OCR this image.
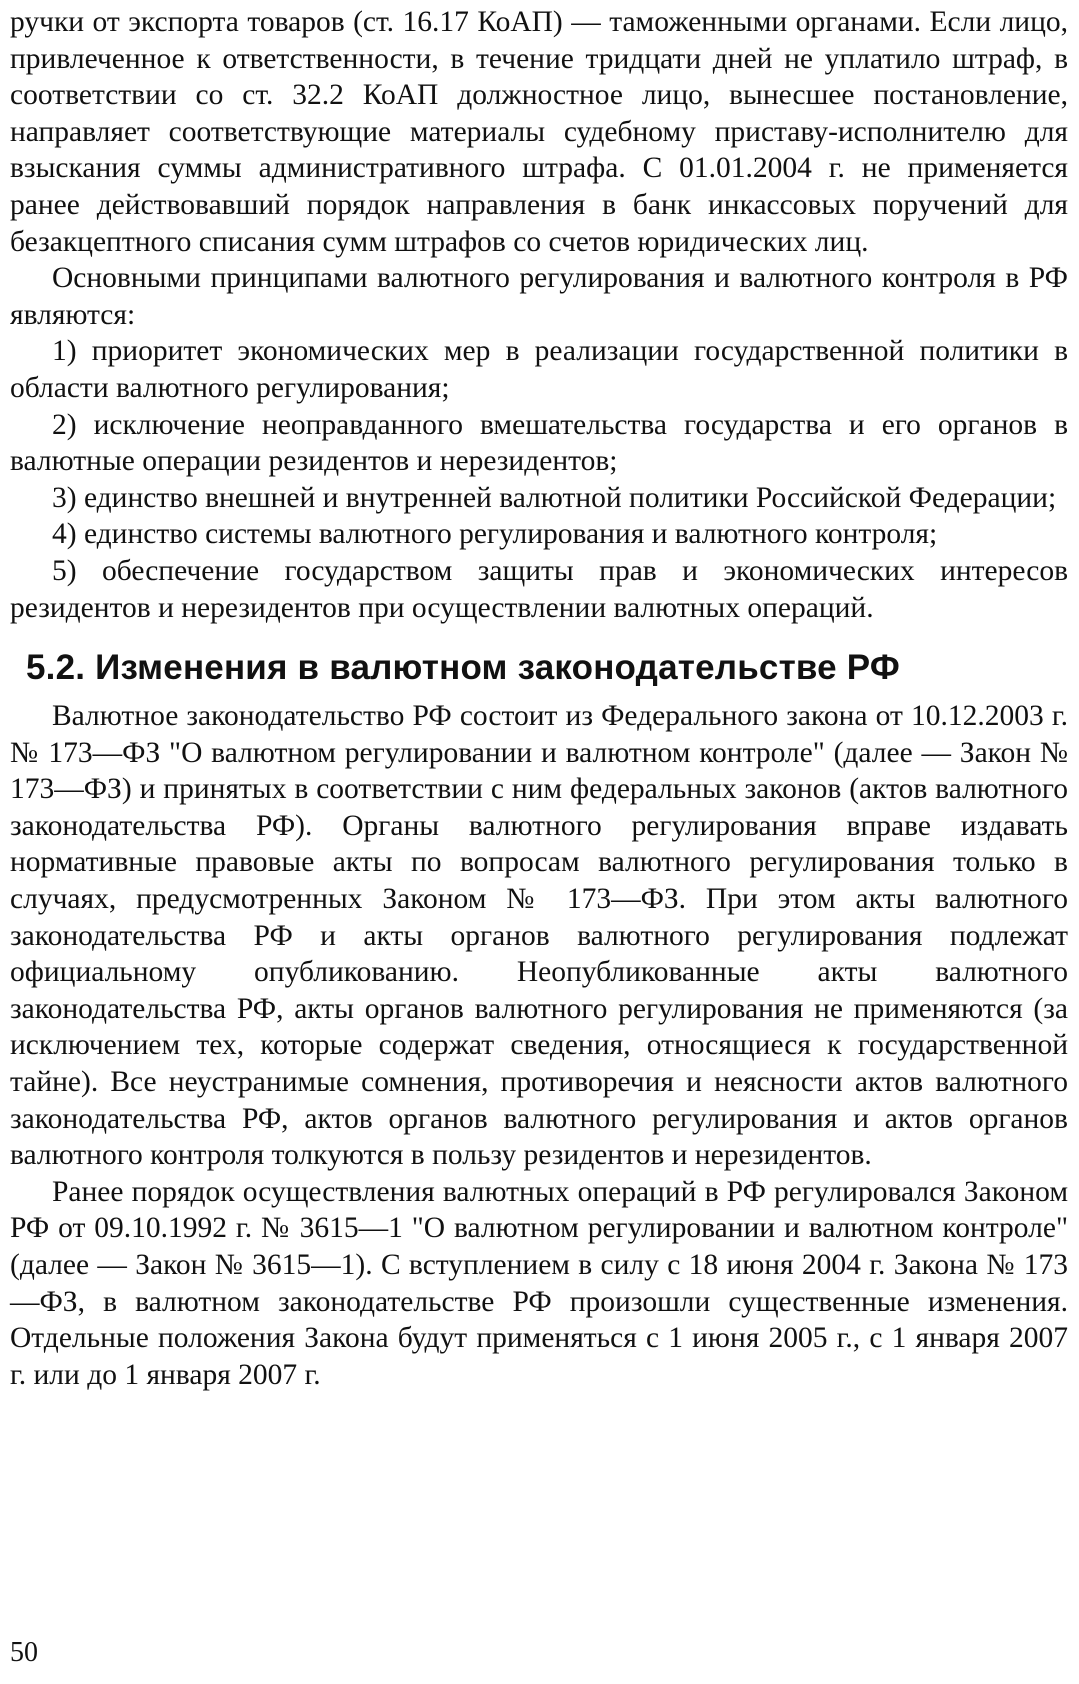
ручки от экспорта товаров (ст. 16.17 КоАП) — таможенными органами. Если лицо, привлеченное к ответственности, в течение тридцати дней не уплатило штраф, в соответствии со ст. 32.2 КоАП должностное лицо, вынесшее постановление, направляет соответствующие материалы судебному приставу-исполнителю для взыскания суммы административного штрафа. С 01.01.2004 г. не применяется ранее действовавший порядок направления в банк инкассовых поручений для безакцептного списания сумм штрафов со счетов юридических лиц.

Основными принципами валютного регулирования и валютного контроля в РФ являются:

1) приоритет экономических мер в реализации государственной политики в области валютного регулирования;

2) исключение неоправданного вмешательства государства и его органов в валютные операции резидентов и нерезидентов;

3) единство внешней и внутренней валютной политики Российской Федерации;

4) единство системы валютного регулирования и валютного контроля;

5) обеспечение государством защиты прав и экономических интересов резидентов и нерезидентов при осуществлении валютных операций.

5.2. Изменения в валютном законодательстве РФ

Валютное законодательство РФ состоит из Федерального закона от 10.12.2003 г. № 173—ФЗ "О валютном регулировании и валютном контроле" (далее — Закон № 173—ФЗ) и принятых в соответствии с ним федеральных законов (актов валютного законодательства РФ). Органы валютного регулирования вправе издавать нормативные правовые акты по вопросам валютного регулирования только в случаях, предусмотренных Законом № 173—ФЗ. При этом акты валютного законодательства РФ и акты органов валютного регулирования подлежат официальному опубликованию. Неопубликованные акты валютного законодательства РФ, акты органов валютного регулирования не применяются (за исключением тех, которые содержат сведения, относящиеся к государственной тайне). Все неустранимые сомнения, противоречия и неясности актов валютного законодательства РФ, актов органов валютного регулирования и актов органов валютного контроля толкуются в пользу резидентов и нерезидентов.

Ранее порядок осуществления валютных операций в РФ регулировался Законом РФ от 09.10.1992 г. № 3615—1 "О валютном регулировании и валютном контроле" (далее — Закон № 3615—1). С вступлением в силу с 18 июня 2004 г. Закона № 173—ФЗ, в валютном законодательстве РФ произошли существенные изменения. Отдельные положения Закона будут применяться с 1 июня 2005 г., с 1 января 2007 г. или до 1 января 2007 г.

50
